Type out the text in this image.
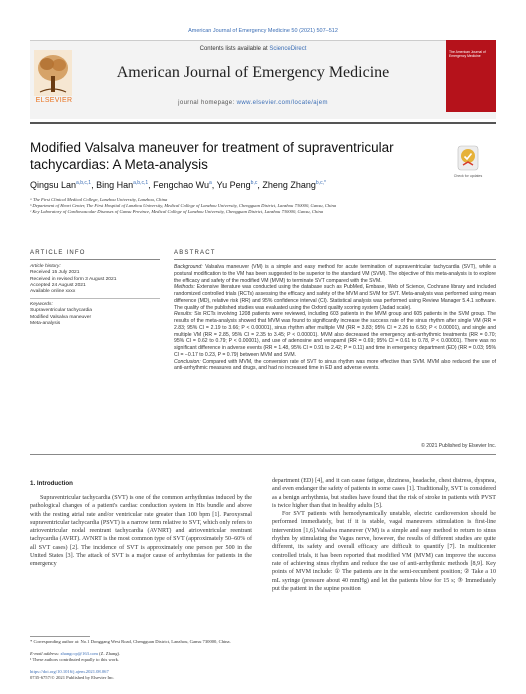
American Journal of Emergency Medicine 50 (2021) 507–512
ELSEVIER
Contents lists available at ScienceDirect
American Journal of Emergency Medicine
journal homepage: www.elsevier.com/locate/ajem
The American Journal of Emergency Medicine
Modified Valsalva maneuver for treatment of supraventricular
tachycardias: A Meta-analysis
Check for updates
Qingsu Lan$^{a,b,c,1}$, Bing Han$^{a,b,c,1}$, Fengchao Wu$^a$, Yu Peng$^{b,c}$, Zheng Zhang$^{b,c,*}$
ᵃ The First Clinical Medical College, Lanzhou University, Lanzhou, China
ᵇ Department of Heart Center, The First Hospital of Lanzhou University, Medical College of Lanzhou University, Chengguan District, Lanzhou 730000, Gansu, China
ᶜ Key Laboratory of Cardiovascular Diseases of Gansu Province, Medical College of Lanzhou University, Chengguan District, Lanzhou 730000, Gansu, China
ARTICLE INFO
Article history:
Received 15 July 2021
Received in revised form 3 August 2021
Accepted 24 August 2021
Available online xxxx
Keywords:
Supraventricular tachycardia
Modified Valsalva maneuver
Meta-analysis
ABSTRACT

Background: Valsalva maneuver (VM) is a simple and easy method for acute termination of supraventricular tachycardia (SVT), while a postural modification to the VM has been suggested to be superior to the standard VM (SVM). The objective of this meta-analysis is to explore the efficacy and safety of the modified VM (MVM) to terminate SVT compared with the SVM.

Methods: Extensive literature was conducted using the database such as PubMed, Embase, Web of Science, Cochrane library and included randomized controlled trials (RCTs) assessing the efficacy and safety of the MVM and SVM for SVT. Meta-analysis was performed using mean difference (MD), relative risk (RR) and 95% confidence interval (CI). Statistical analysis was performed using Review Manager 5.4.1 software. The quality of the published studies was evaluated using the Oxford quality scoring system (Jadad scale).

Results: Six RCTs involving 1208 patients were reviewed, including 603 patients in the MVM group and 605 patients in the SVM group. The results of the meta-analysis showed that MVM was found to significantly increase the success rate of the sinus rhythm after single VM (RR = 2.83; 95% CI = 2.19 to 3.66; P < 0.00001), sinus rhythm after multiple VM (RR = 3.83; 95% CI = 2.26 to 6.50; P < 0.00001), and single and multiple VM (RR = 2.85, 95% CI = 2.35 to 3.45; P < 0.00001). MVM also decreased the emergency anti-arrhythmic treatments (RR = 0.70; 95% CI = 0.62 to 0.79; P < 0.00001), and use of adenosine and verapamil (RR = 0.69; 95% CI = 0.61 to 0.78, P < 0.00001). There was no significant difference in adverse events (RR = 1.48, 95% CI = 0.91 to 2.42; P = 0.11) and time in emergency department (ED) (RR = 0.03; 95% CI = −0.17 to 0.23, P = 0.79) between MVM and SVM.

Conclusion: Compared with MVM, the conversion rate of SVT to sinus rhythm was more effective than SVM. MVM also reduced the use of anti-arrhythmic measures and drugs, and had no increased time in ED and adverse events.

© 2021 Published by Elsevier Inc.
1. Introduction

Supraventricular tachycardia (SVT) is one of the common arrhythmias induced by the pathological changes of a patient's cardiac conduction system in His bundle and above with the resting atrial rate and/or ventricular rate greater than 100 bpm [1]. Paroxysmal supraventricular tachycardia (PSVT) is a narrow term relative to SVT, which only refers to atrioventricular nodal reentrant tachycardia (AVNRT) and atrioventricular reentrant tachycardia (AVRT). AVNRT is the most common type of SVT (approximately 50–60% of all SVT cases) [2]. The incidence of SVT is approximately one person per 500 in the United States [3]. The attack of SVT is a major cause of arrhythmias for patients in the emergency

department (ED) [4], and it can cause fatigue, dizziness, headache, chest distress, dyspnea, and even endanger the safety of patients in some cases [1]. Traditionally, SVT is considered as a benign arrhythmia, but studies have found that the risk of stroke in patients with PVST is twice higher than that in healthy adults [5].

For SVT patients with hemodynamically unstable, electric cardioversion should be performed immediately, but if it is stable, vagal maneuvers stimulation is first-line intervention [1,6].Valsalva maneuver (VM) is a simple and easy method to return to sinus rhythm by stimulating the Vagus nerve, however, the results of different studies are quite different, its safety and overall efficacy are difficult to quantify [7]. In multicenter controlled trials, it has been reported that modified VM (MVM) can improve the success rate of achieving sinus rhythm and reduce the use of anti-arrhythmic methods [8,9]. Key points of MVM include: ① The patients are in the semi-recumbent position; ② Take a 10 mL syringe (pressure about 40 mmHg) and let the patients blow for 15 s; ③ Immediately put the patient in the supine position

* Corresponding author at: No.1 Donggang West Road, Chengguan District, Lanzhou, Gansu 730000, China.
E-mail address: zhangccp@163.com (Z. Zhang).
¹ These authors contributed equally to this work.
https://doi.org/10.1016/j.ajem.2021.08.067
0735-6757/© 2021 Published by Elsevier Inc.
